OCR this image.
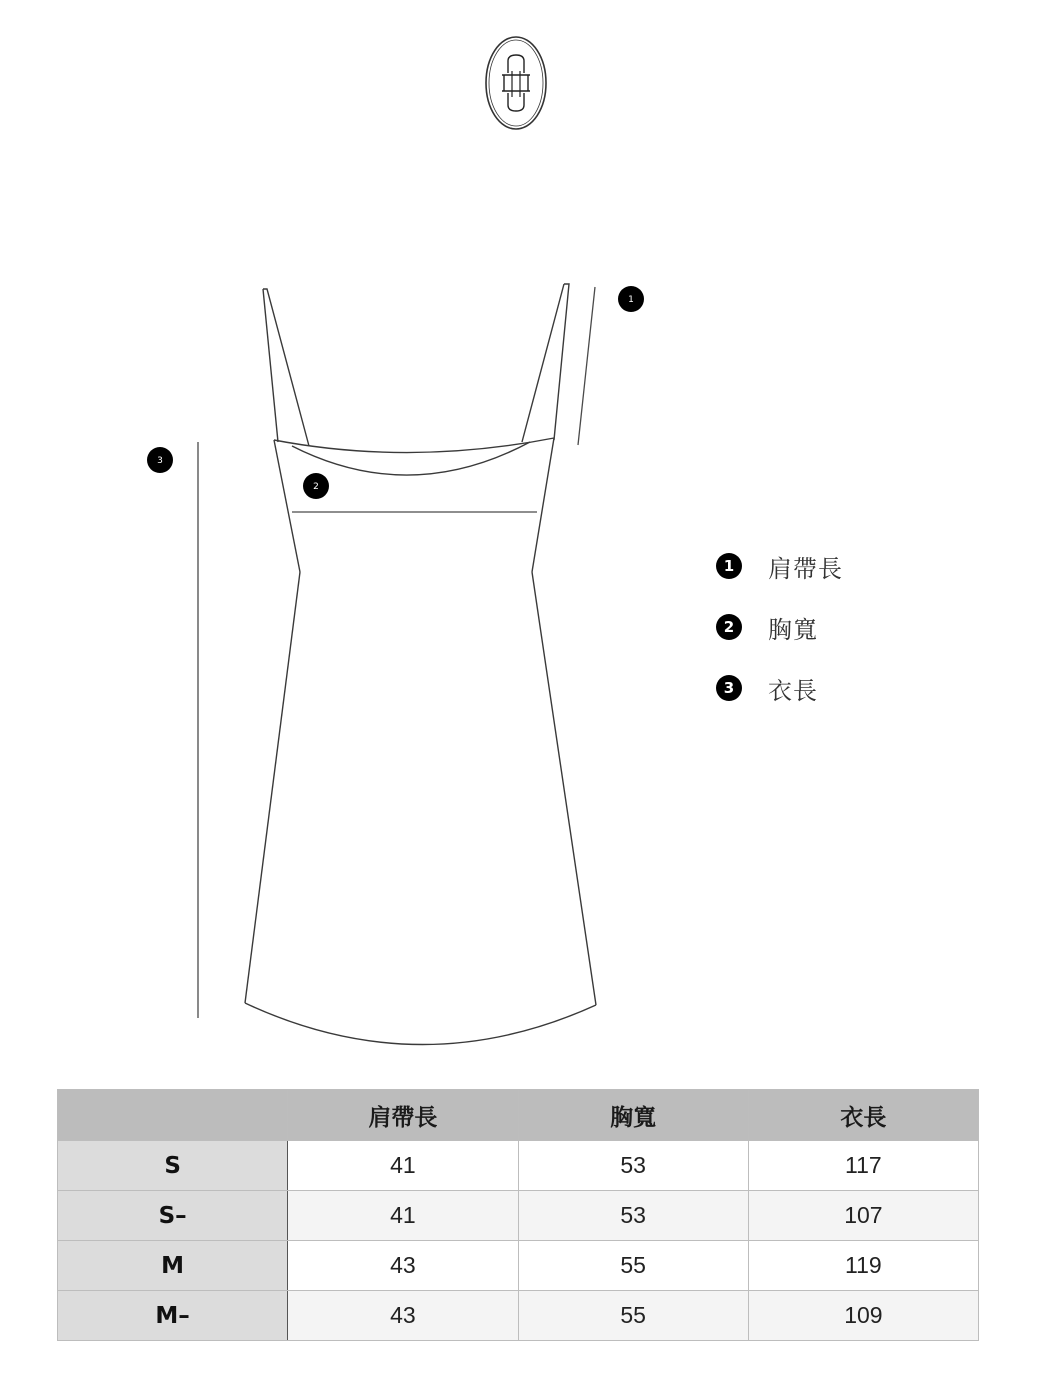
1
2
3
1	肩帶長
2	胸寬
3	衣長
	肩帶長	胸寬	衣長
S	41	53	117
S–	41	53	107
M	43	55	119
M–	43	55	109
